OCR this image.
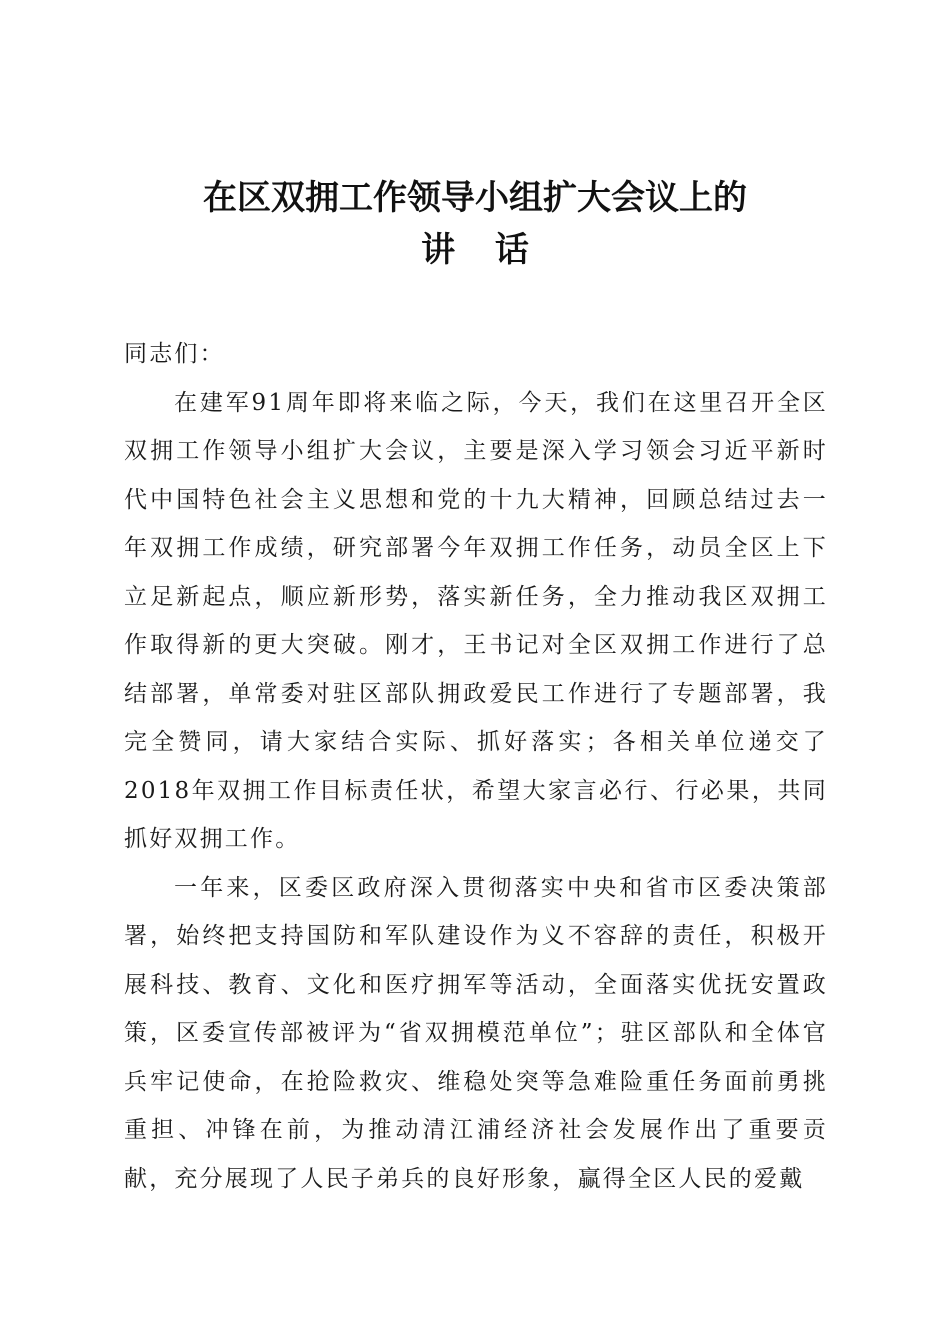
在区双拥工作领导小组扩大会议上的
讲 话

同志们：

在建军91周年即将来临之际，今天，我们在这里召开全区双拥工作领导小组扩大会议，主要是深入学习领会习近平新时代中国特色社会主义思想和党的十九大精神，回顾总结过去一年双拥工作成绩，研究部署今年双拥工作任务，动员全区上下立足新起点，顺应新形势，落实新任务，全力推动我区双拥工作取得新的更大突破。刚才，王书记对全区双拥工作进行了总结部署，单常委对驻区部队拥政爱民工作进行了专题部署，我完全赞同，请大家结合实际、抓好落实；各相关单位递交了2018年双拥工作目标责任状，希望大家言必行、行必果，共同抓好双拥工作。

一年来，区委区政府深入贯彻落实中央和省市区委决策部署，始终把支持国防和军队建设作为义不容辞的责任，积极开展科技、教育、文化和医疗拥军等活动，全面落实优抚安置政策，区委宣传部被评为“省双拥模范单位”；驻区部队和全体官兵牢记使命，在抢险救灾、维稳处突等急难险重任务面前勇挑重担、冲锋在前，为推动清江浦经济社会发展作出了重要贡献，充分展现了人民子弟兵的良好形象，赢得全区人民的爱戴
